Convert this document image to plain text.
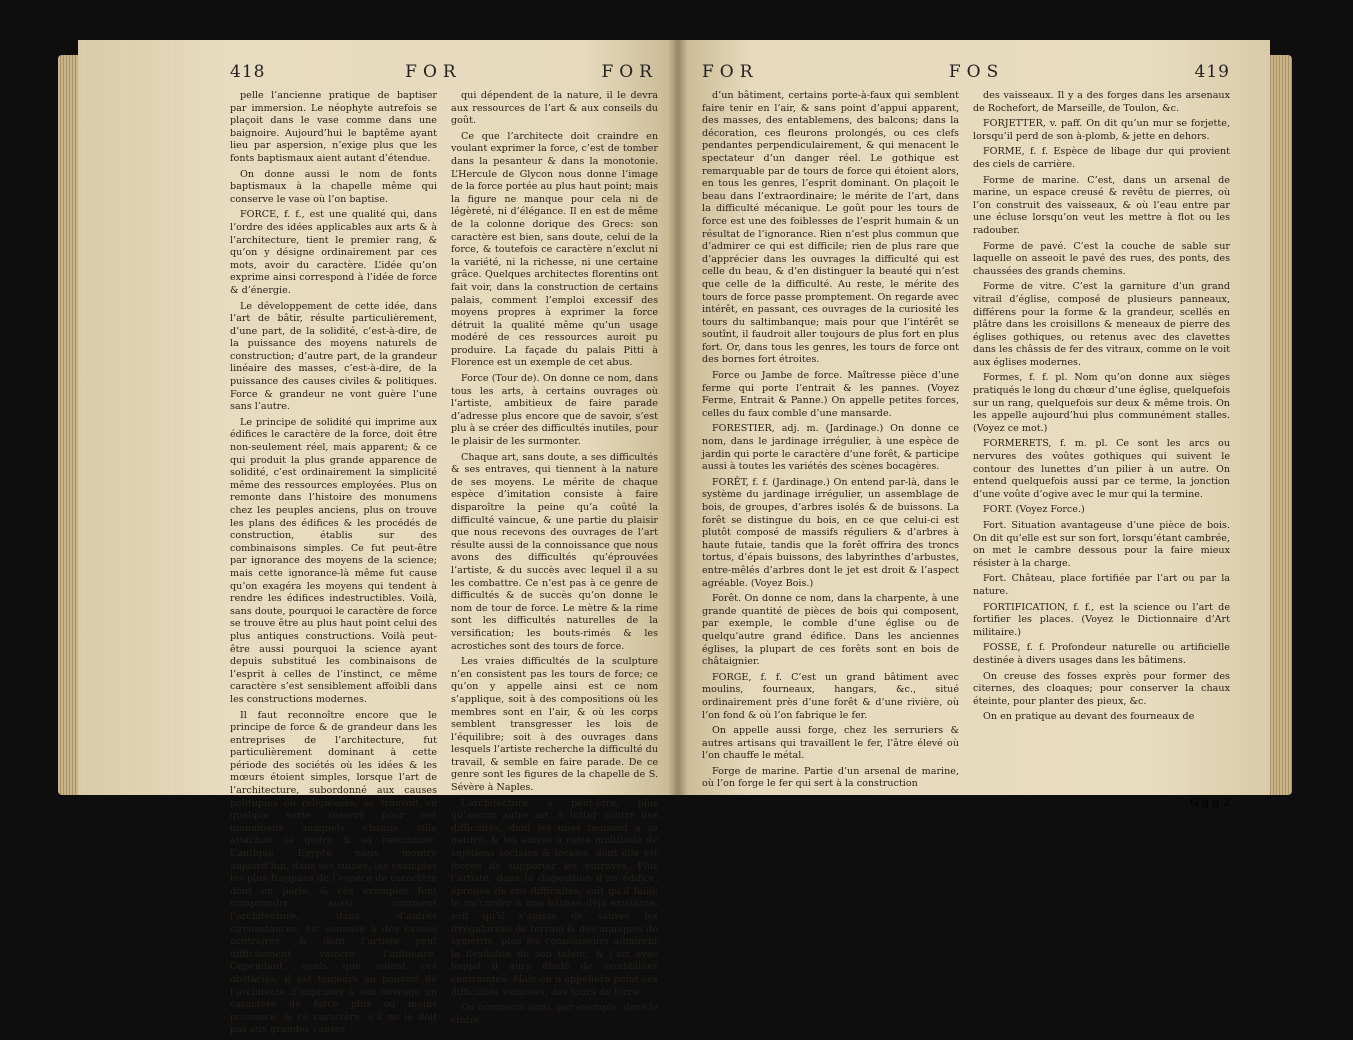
418	FOR	FOR

pelle l’ancienne pratique de baptiser par immersion. Le néophyte autrefois se plaçoit dans le vase comme dans une baignoire. Aujourd’hui le baptême ayant lieu par aspersion, n’exige plus que les fonts baptismaux aient autant d’étendue.

On donne aussi le nom de fonts baptismaux à la chapelle même qui conserve le vase où l’on baptise.

FORCE, f. f., est une qualité qui, dans l’ordre des idées applicables aux arts & à l’architecture, tient le premier rang, & qu’on y désigne ordinairement par ces mots, avoir du caractère. L’idée qu’on exprime ainsi correspond à l’idée de force & d’énergie.

Le développement de cette idée, dans l’art de bâtir, résulte particulièrement, d’une part, de la solidité, c’est-à-dire, de la puissance des moyens naturels de construction; d’autre part, de la grandeur linéaire des masses, c’est-à-dire, de la puissance des causes civiles & politiques. Force & grandeur ne vont guère l’une sans l’autre.

Le principe de solidité qui imprime aux édifices le caractère de la force, doit être non-seulement réel, mais apparent; & ce qui produit la plus grande apparence de solidité, c’est ordinairement la simplicité même des ressources employées. Plus on remonte dans l’histoire des monumens chez les peuples anciens, plus on trouve les plans des édifices & les procédés de construction, établis sur des combinaisons simples. Ce fut peut-être par ignorance des moyens de la science; mais cette ignorance-là même fut cause qu’on exagéra les moyens qui tendent à rendre les édifices indestructibles. Voilà, sans doute, pourquoi le caractère de force se trouve être au plus haut point celui des plus antiques constructions. Voilà peut-être aussi pourquoi la science ayant depuis substitué les combinaisons de l’esprit à celles de l’instinct, ce même caractère s’est sensiblement affoibli dans les constructions modernes.

Il faut reconnoître encore que le principe de force & de grandeur dans les entreprises de l’architecture, fut particulièrement dominant à cette période des sociétés où les idées & les mœurs étoient simples, lorsque l’art de l’architecture, subordonné aux causes politiques ou religieuses, se trouvoit en quelque sorte réservé pour ces monumens auxquels chaque ville attachoit sa gloire & sa renommée. L’antique Egypte nous montre aujourd’hui, dans ses ruines, les exemples les plus frappans de l’espèce de caractère dont on parle, & ces exemples font comprendre aussi comment l’architecture, dans d’autres circonstances, est soumise à des causes contraires, & dont l’artiste peut difficilement vaincre l’influence. Cependant, quels que soient ces obstacles, il est toujours au pouvoir de l’architecte d’imprimer à son ouvrage un caractère de force plus ou moins prononcé, & ce caractère, s’il ne le doit pas aux grandes causes

qui dépendent de la nature, il le devra aux ressources de l’art & aux conseils du goût.

Ce que l’architecte doit craindre en voulant exprimer la force, c’est de tomber dans la pesanteur & dans la monotonie. L’Hercule de Glycon nous donne l’image de la force portée au plus haut point; mais la figure ne manque pour cela ni de légèreté, ni d’élégance. Il en est de même de la colonne dorique des Grecs: son caractère est bien, sans doute, celui de la force, & toutefois ce caractère n’exclut ni la variété, ni la richesse, ni une certaine grâce. Quelques architectes florentins ont fait voir, dans la construction de certains palais, comment l’emploi excessif des moyens propres à exprimer la force détruit la qualité même qu’un usage modéré de ces ressources auroit pu produire. La façade du palais Pitti à Florence est un exemple de cet abus.

Force (Tour de). On donne ce nom, dans tous les arts, à certains ouvrages où l’artiste, ambitieux de faire parade d’adresse plus encore que de savoir, s’est plu à se créer des difficultés inutiles, pour le plaisir de les surmonter.

Chaque art, sans doute, a ses difficultés & ses entraves, qui tiennent à la nature de ses moyens. Le mérite de chaque espèce d’imitation consiste à faire disparoître la peine qu’a coûté la difficulté vaincue, & une partie du plaisir que nous recevons des ouvrages de l’art résulte aussi de la connoissance que nous avons des difficultés qu’éprouvées l’artiste, & du succès avec lequel il a su les combattre. Ce n’est pas à ce genre de difficultés & de succès qu’on donne le nom de tour de force. Le mètre & la rime sont les difficultés naturelles de la versification; les bouts-rimés & les acrostiches sont des tours de force.

Les vraies difficultés de la sculpture n’en consistent pas les tours de force; ce qu’on y appelle ainsi est ce nom s’applique, soit à des compositions où les membres sont en l’air, & où les corps semblent transgresser les lois de l’équilibre; soit à des ouvrages dans lesquels l’artiste recherche la difficulté du travail, & semble en faire parade. De ce genre sont les figures de la chapelle de S. Sévère à Naples.

L’architecture a peut-être, plus qu’aucun autre art, à lutter contre des difficultés, dont les unes tiennent à sa nature, & les autres à cette multitude de sujétions sociales & locales, dont elle est forcée de supporter les entraves. Plus l’artiste, dans la disposition d’un édifice, éprouve de ces difficultés, soit qu’il faille le raccorder à une bâtisse déjà existante, soit qu’il s’agisse de sauver les irrégularités de terrain & des manques de symétrie, plus les connoisseurs admirent la flexibilité de son talent, & l’art avec lequel il aura éludé de semblables contraintes. Mais on n’appellera point ces difficultés vaincues, des tours de force.

On nommera ainsi, par exemple, dans le cintre

FOR	FOS	419

d’un bâtiment, certains porte-à-faux qui semblent faire tenir en l’air, & sans point d’appui apparent, des masses, des entablemens, des balcons; dans la décoration, ces fleurons prolongés, ou ces clefs pendantes perpendiculairement, & qui menacent le spectateur d’un danger réel. Le gothique est remarquable par de tours de force qui étoient alors, en tous les genres, l’esprit dominant. On plaçoit le beau dans l’extraordinaire; le mérite de l’art, dans la difficulté mécanique. Le goût pour les tours de force est une des foiblesses de l’esprit humain & un résultat de l’ignorance. Rien n’est plus commun que d’admirer ce qui est difficile; rien de plus rare que d’apprécier dans les ouvrages la difficulté qui est celle du beau, & d’en distinguer la beauté qui n’est que celle de la difficulté. Au reste, le mérite des tours de force passe promptement. On regarde avec intérêt, en passant, ces ouvrages de la curiosité les tours du saltimbanque; mais pour que l’intérêt se soutînt, il faudroit aller toujours de plus fort en plus fort. Or, dans tous les genres, les tours de force ont des bornes fort étroites.

Force ou Jambe de force. Maîtresse pièce d’une ferme qui porte l’entrait & les pannes. (Voyez Ferme, Entrait & Panne.) On appelle petites forces, celles du faux comble d’une mansarde.

FORESTIER, adj. m. (Jardinage.) On donne ce nom, dans le jardinage irrégulier, à une espèce de jardin qui porte le caractère d’une forêt, & participe aussi à toutes les variétés des scènes bocagères.

FORÊT, f. f. (Jardinage.) On entend par-là, dans le système du jardinage irrégulier, un assemblage de bois, de groupes, d’arbres isolés & de buissons. La forêt se distingue du bois, en ce que celui-ci est plutôt composé de massifs réguliers & d’arbres à haute futaie, tandis que la forêt offrira des troncs tortus, d’épais buissons, des labyrinthes d’arbustes, entre-mêlés d’arbres dont le jet est droit & l’aspect agréable. (Voyez Bois.)

Forêt. On donne ce nom, dans la charpente, à une grande quantité de pièces de bois qui composent, par exemple, le comble d’une église ou de quelqu’autre grand édifice. Dans les anciennes églises, la plupart de ces forêts sont en bois de châtaignier.

FORGE, f. f. C’est un grand bâtiment avec moulins, fourneaux, hangars, &c., situé ordinairement près d’une forêt & d’une rivière, où l’on fond & où l’on fabrique le fer.

On appelle aussi forge, chez les serruriers & autres artisans qui travaillent le fer, l’âtre élevé où l’on chauffe le métal.

Forge de marine. Partie d’un arsenal de marine, où l’on forge le fer qui sert à la construction

des vaisseaux. Il y a des forges dans les arsenaux de Rochefort, de Marseille, de Toulon, &c.

FORJETTER, v. paff. On dit qu’un mur se forjette, lorsqu’il perd de son à-plomb, & jette en dehors.

FORME, f. f. Espèce de libage dur qui provient des ciels de carrière.

Forme de marine. C’est, dans un arsenal de marine, un espace creusé & revêtu de pierres, où l’on construit des vaisseaux, & où l’eau entre par une écluse lorsqu’on veut les mettre à flot ou les radouber.

Forme de pavé. C’est la couche de sable sur laquelle on asseoit le pavé des rues, des ponts, des chaussées des grands chemins.

Forme de vitre. C’est la garniture d’un grand vitrail d’église, composé de plusieurs panneaux, différens pour la forme & la grandeur, scellés en plâtre dans les croisillons & meneaux de pierre des églises gothiques, ou retenus avec des clavettes dans les châssis de fer des vitraux, comme on le voit aux églises modernes.

Formes, f. f. pl. Nom qu’on donne aux sièges pratiqués le long du chœur d’une église, quelquefois sur un rang, quelquefois sur deux & même trois. On les appelle aujourd’hui plus communément stalles. (Voyez ce mot.)

FORMERETS, f. m. pl. Ce sont les arcs ou nervures des voûtes gothiques qui suivent le contour des lunettes d’un pilier à un autre. On entend quelquefois aussi par ce terme, la jonction d’une voûte d’ogive avec le mur qui la termine.

FORT. (Voyez Force.)

Fort. Situation avantageuse d’une pièce de bois. On dit qu’elle est sur son fort, lorsqu’étant cambrée, on met le cambre dessous pour la faire mieux résister à la charge.

Fort. Château, place fortifiée par l’art ou par la nature.

FORTIFICATION, f. f., est la science ou l’art de fortifier les places. (Voyez le Dictionnaire d’Art militaire.)

FOSSE, f. f. Profondeur naturelle ou artificielle destinée à divers usages dans les bâtimens.

On creuse des fosses exprès pour former des citernes, des cloaques; pour conserver la chaux éteinte, pour planter des pieux, &c.

On en pratique au devant des fourneaux de

G g g 2
